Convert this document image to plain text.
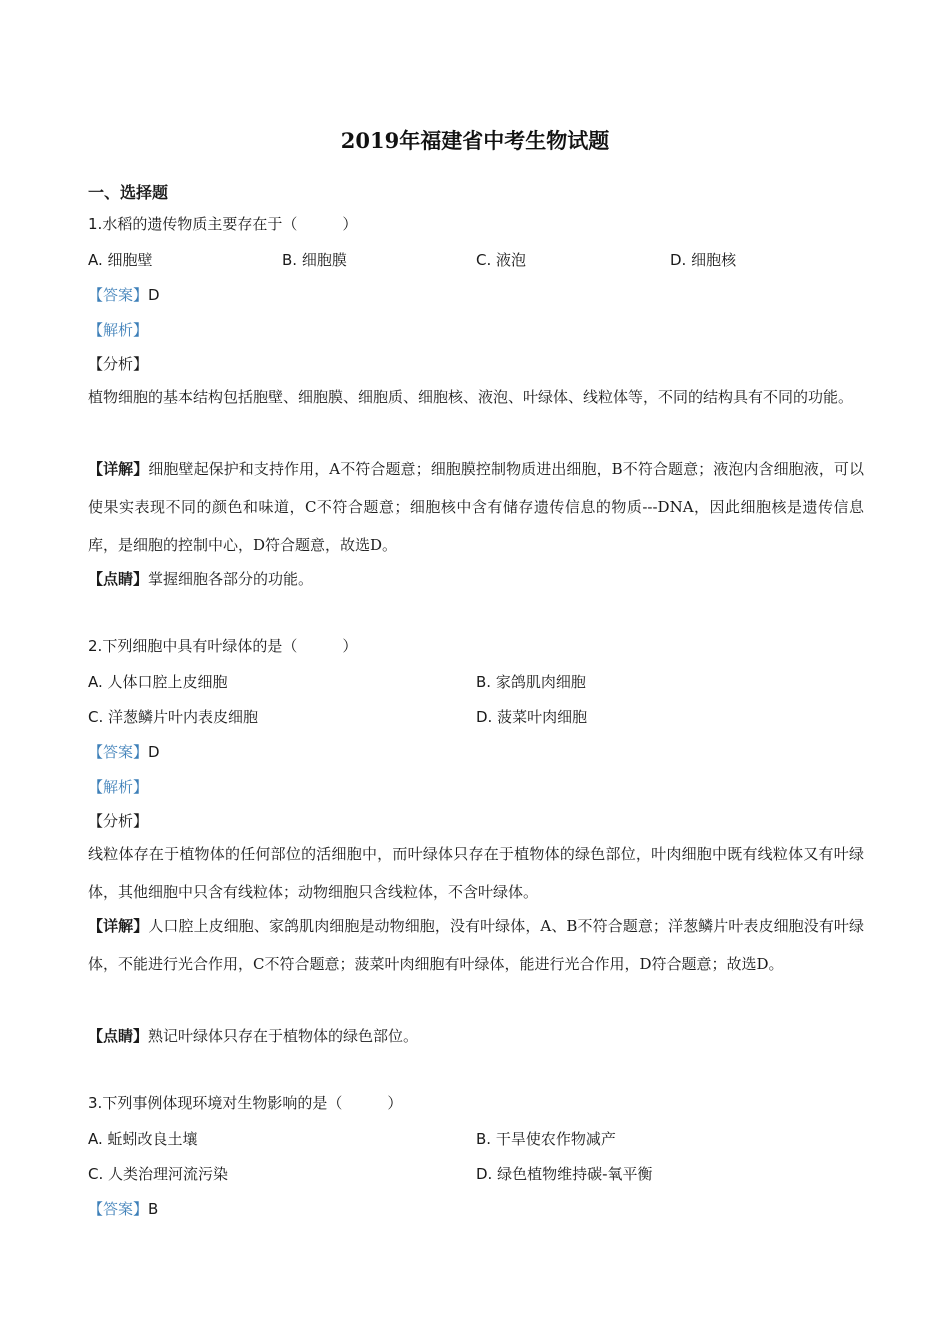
2019年福建省中考生物试题
一、选择题
1.水稻的遗传物质主要存在于（　　　）
A. 细胞壁	B. 细胞膜	C. 液泡	D. 细胞核
【答案】D
【解析】
【分析】
植物细胞的基本结构包括胞壁、细胞膜、细胞质、细胞核、液泡、叶绿体、线粒体等，不同的结构具有不同的功能。
【详解】细胞壁起保护和支持作用，A不符合题意；细胞膜控制物质进出细胞，B不符合题意；液泡内含细胞液，可以使果实表现不同的颜色和味道，C不符合题意；细胞核中含有储存遗传信息的物质---DNA，因此细胞核是遗传信息库，是细胞的控制中心，D符合题意，故选D。
【点睛】掌握细胞各部分的功能。
2.下列细胞中具有叶绿体的是（　　　）
A. 人体口腔上皮细胞	B. 家鸽肌肉细胞
C. 洋葱鳞片叶内表皮细胞	D. 菠菜叶肉细胞
【答案】D
【解析】
【分析】
线粒体存在于植物体的任何部位的活细胞中，而叶绿体只存在于植物体的绿色部位，叶肉细胞中既有线粒体又有叶绿体，其他细胞中只含有线粒体；动物细胞只含线粒体，不含叶绿体。
【详解】人口腔上皮细胞、家鸽肌肉细胞是动物细胞，没有叶绿体，A、B不符合题意；洋葱鳞片叶表皮细胞没有叶绿体，不能进行光合作用，C不符合题意；菠菜叶肉细胞有叶绿体，能进行光合作用，D符合题意；故选D。
【点睛】熟记叶绿体只存在于植物体的绿色部位。
3.下列事例体现环境对生物影响的是（　　　）
A. 蚯蚓改良土壤	B. 干旱使农作物减产
C. 人类治理河流污染	D. 绿色植物维持碳-氧平衡
【答案】B
